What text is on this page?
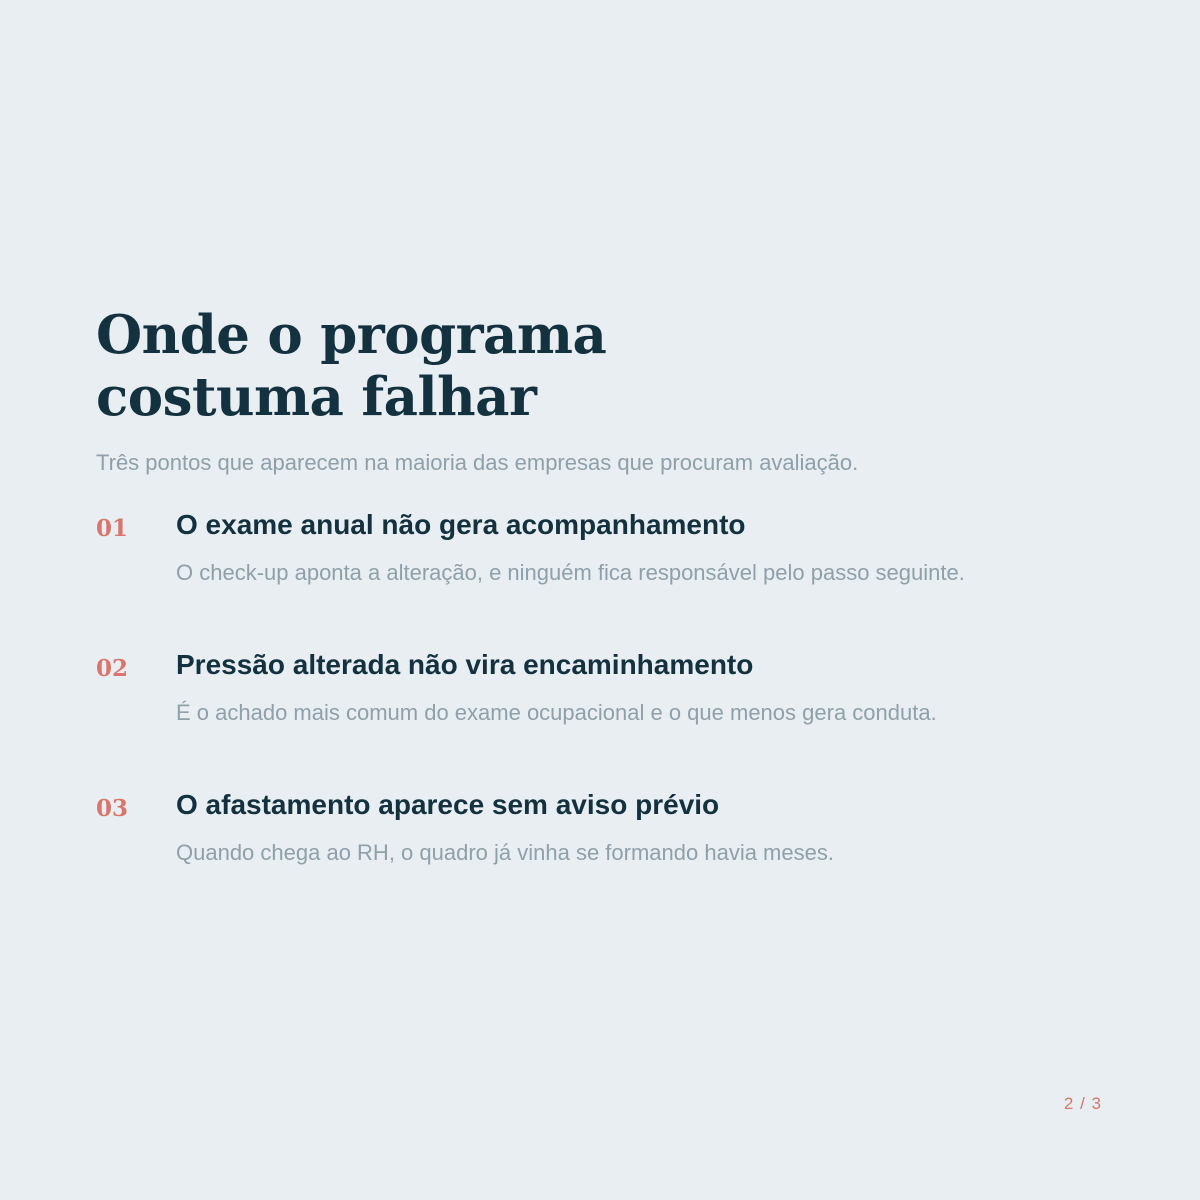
Onde o programa
costuma falhar

Três pontos que aparecem na maioria das empresas que procuram avaliação.

01 O exame anual não gera acompanhamento

O check-up aponta a alteração, e ninguém fica responsável pelo passo seguinte.

02 Pressão alterada não vira encaminhamento

É o achado mais comum do exame ocupacional e o que menos gera conduta.

03 O afastamento aparece sem aviso prévio

Quando chega ao RH, o quadro já vinha se formando havia meses.

2 / 3
